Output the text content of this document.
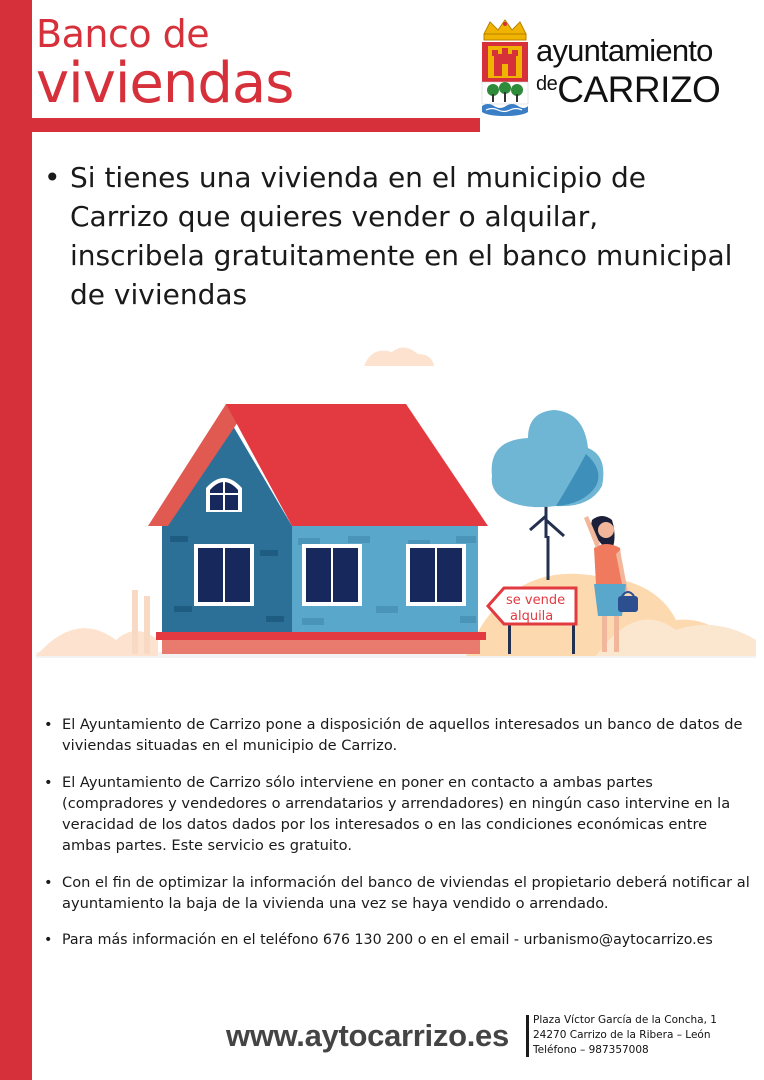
Banco de
viviendas
ayuntamiento
$^{de}$CARRIZO
• Si tienes una vivienda en el municipio de Carrizo que quieres vender o alquilar, inscribela gratuitamente en el banco municipal de viviendas
se vende
alquila
• El Ayuntamiento de Carrizo pone a disposición de aquellos interesados un banco de datos de viviendas situadas en el municipio de Carrizo.
• El Ayuntamiento de Carrizo sólo interviene en poner en contacto a ambas partes (compradores y vendedores o arrendatarios y arrendadores) en ningún caso intervine en la veracidad de los datos dados por los interesados o en las condiciones económicas entre ambas partes. Este servicio es gratuito.
• Con el fin de optimizar la información del banco de viviendas el propietario deberá notificar al ayuntamiento la baja de la vivienda una vez se haya vendido o arrendado.
• Para más información en el teléfono 676 130 200 o en el email - urbanismo@aytocarrizo.es
www.aytocarrizo.es Plaza Víctor García de la Concha, 1
24270 Carrizo de la Ribera – León
Teléfono – 987357008
